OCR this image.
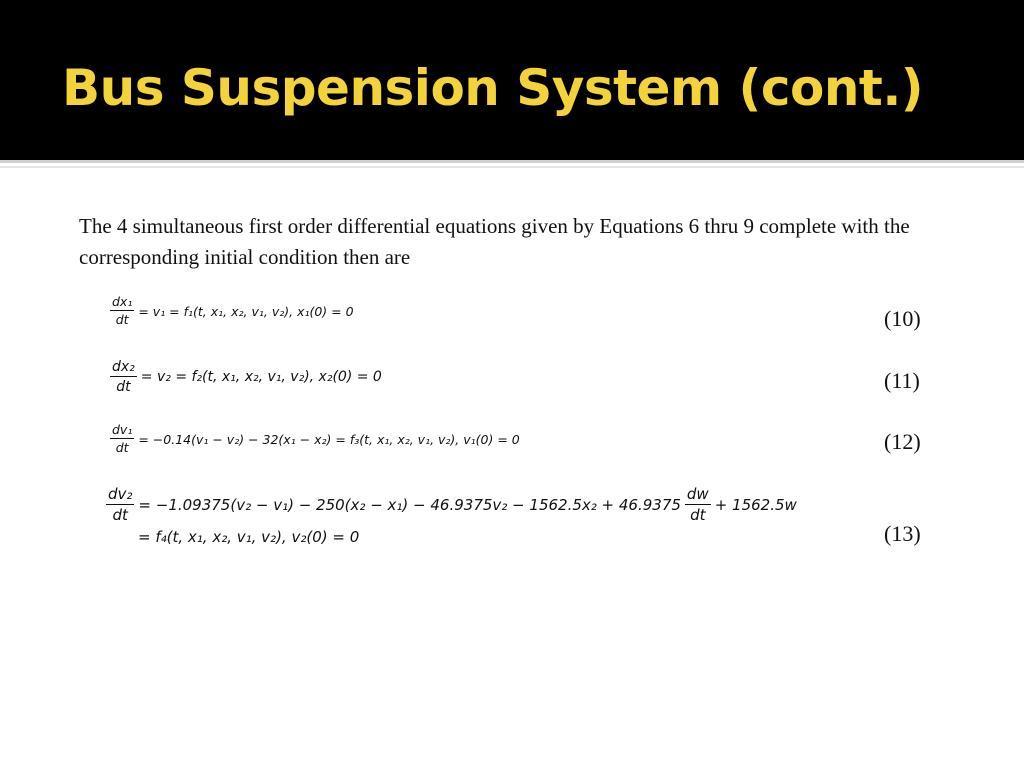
Bus Suspension System (cont.)

The 4 simultaneous first order differential equations given by Equations 6 thru 9 complete with the corresponding initial condition then are

$\frac{\text{dx₁}}{dt} = v_1 = f_1(t$, x₁, x₂, v₁, v₂), x₁(0) = 0	(10)
$\frac{\text{dx₂}}{dt} = v_2 = f_2(t$, x₁, x₂, v₁, v₂), x₂(0) = 0	(11)
$\frac{\text{dv₁}}{dt} = -0.14(v_1 - v_2) - 32(x_1 - x_2) = f_3(t$, x₁, x₂, v₁, v₂), v₁(0) = 0	(12)
$\frac{\text{dv₂}}{dt} = -1.09375(v_2 - v_1) - 250(x_2 - x_1) - 46.9375v_2 - 1562.5x_2 + 46.9375 \frac{dw}{dt} + 1562.5w$
= f₄(t, x₁, x₂, v₁, v₂), v₂(0) = 0	(13)
